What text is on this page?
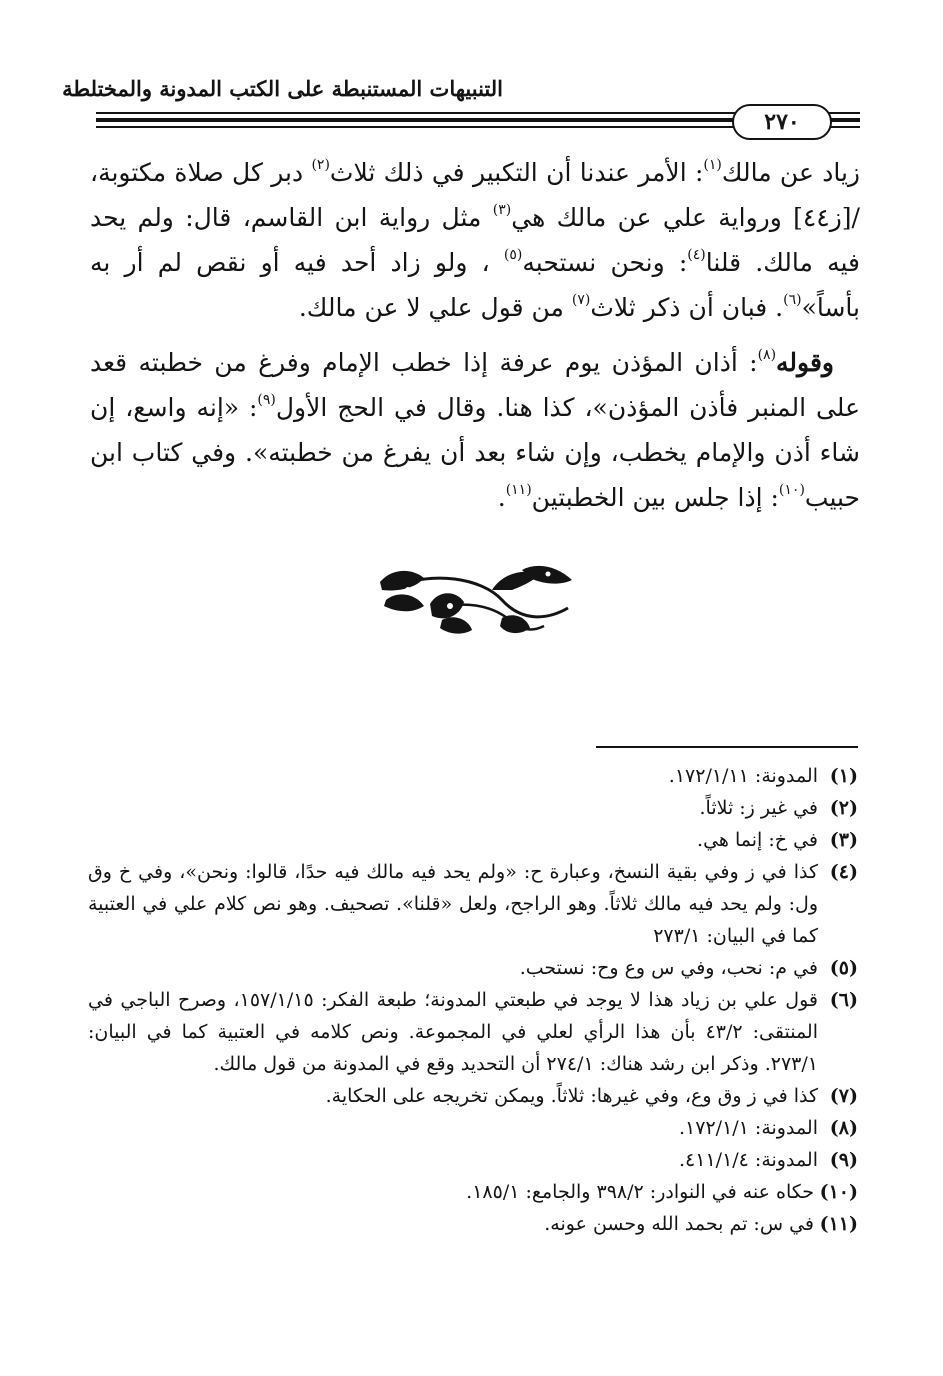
التنبيهات المستنبطة على الكتب المدونة والمختلطة
٢٧٠
زياد عن مالك$^{(١)}$: الأمر عندنا أن التكبير في ذلك ثلاث$^{(٢)}$ دبر كل صلاة مكتوبة، /[ز٤٤] ورواية علي عن مالك هي$^{(٣)}$ مثل رواية ابن القاسم، قال: ولم يحد فيه مالك. قلنا$^{(٤)}$: ونحن نستحبه$^{(٥)}$ ، ولو زاد أحد فيه أو نقص لم أر به بأساً»$^{(٦)}$. فبان أن ذكر ثلاث$^{(٧)}$ من قول علي لا عن مالك.
وقوله$^{(٨)}$: أذان المؤذن يوم عرفة إذا خطب الإمام وفرغ من خطبته قعد على المنبر فأذن المؤذن»، كذا هنا. وقال في الحج الأول$^{(٩)}$: «إنه واسع، إن شاء أذن والإمام يخطب، وإن شاء بعد أن يفرغ من خطبته». وفي كتاب ابن حبيب$^{(١٠)}$: إذا جلس بين الخطبتين$^{(١١)}$.
(١)
المدونة: ١٧٢/١/١١.
(٢)
في غير ز: ثلاثاً.
(٣)
في خ: إنما هي.
(٤)
كذا في ز وفي بقية النسخ، وعبارة ح: «ولم يحد فيه مالك فيه حدًا، قالوا: ونحن»، وفي خ وق ول: ولم يحد فيه مالك ثلاثاً. وهو الراجح، ولعل «قلنا». تصحيف. وهو نص كلام علي في العتبية كما في البيان: ٢٧٣/١
(٥)
في م: نحب، وفي س وع وح: نستحب.
(٦)
قول علي بن زياد هذا لا يوجد في طبعتي المدونة؛ طبعة الفكر: ١٥٧/١/١٥، وصرح الباجي في المنتقى: ٤٣/٢ بأن هذا الرأي لعلي في المجموعة. ونص كلامه في العتبية كما في البيان: ٢٧٣/١. وذكر ابن رشد هناك: ٢٧٤/١ أن التحديد وقع في المدونة من قول مالك.
(٧)
كذا في ز وق وع، وفي غيرها: ثلاثاً. ويمكن تخريجه على الحكاية.
(٨)
المدونة: ١٧٢/١/١.
(٩)
المدونة: ٤١١/١/٤.
(١٠)
حكاه عنه في النوادر: ٣٩٨/٢ والجامع: ١٨٥/١.
(١١)
في س: تم بحمد الله وحسن عونه.
